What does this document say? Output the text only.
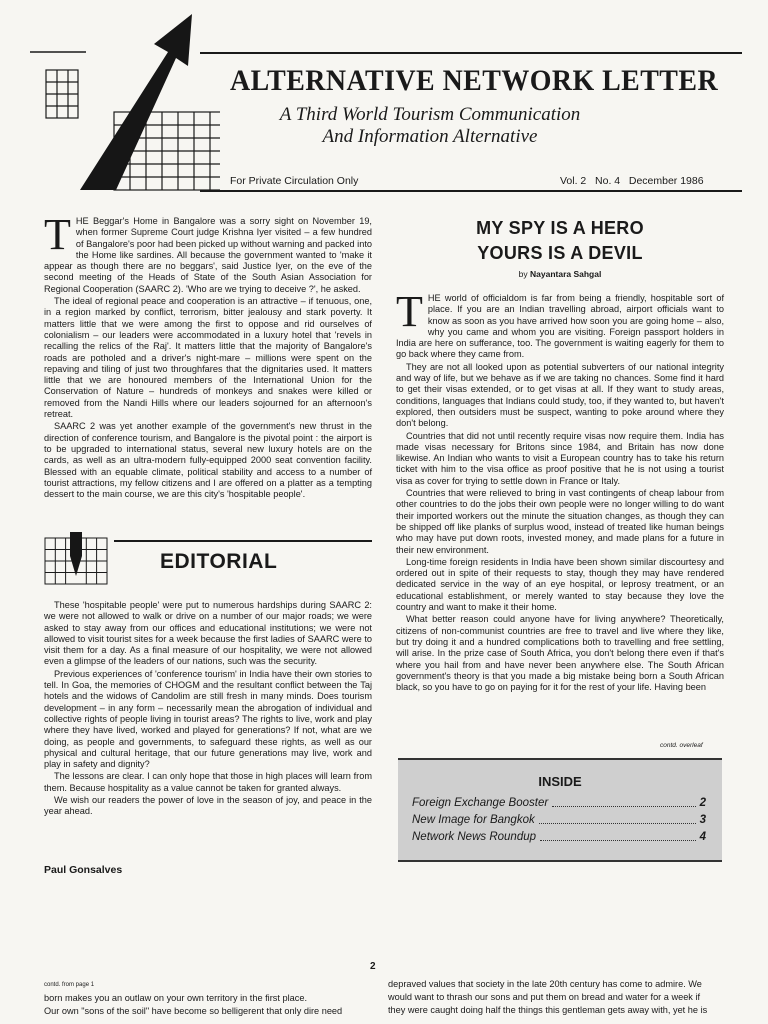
ALTERNATIVE NETWORK LETTER
A Third World Tourism Communication
And Information Alternative
For Private Circulation Only	Vol. 2   No. 4   December 1986
T HE Beggar's Home in Bangalore was a sorry sight on November 19, when former Supreme Court judge Krishna Iyer visited – a few hundred of Bangalore's poor had been picked up without warning and packed into the Home like sardines. All because the government wanted to 'make it appear as though there are no beggars', said Justice Iyer, on the eve of the second meeting of the Heads of State of the South Asian Association for Regional Cooperation (SAARC 2). 'Who are we trying to deceive ?', he asked.

The ideal of regional peace and cooperation is an attractive – if tenuous, one, in a region marked by conflict, terrorism, bitter jealousy and stark poverty. It matters little that we were among the first to oppose and rid ourselves of colonialism – our leaders were accommodated in a luxury hotel that 'revels in recalling the relics of the Raj'. It matters little that the majority of Bangalore's roads are potholed and a driver's night-mare – millions were spent on the repaving and tiling of just two throughfares that the dignitaries used. It matters little that we are honoured members of the International Union for the Conservation of Nature – hundreds of monkeys and snakes were killed or removed from the Nandi Hills where our leaders sojourned for an afternoon's retreat.

SAARC 2 was yet another example of the government's new thrust in the direction of conference tourism, and Bangalore is the pivotal point : the airport is to be upgraded to international status, several new luxury hotels are on the cards, as well as an ultra-modern fully-equipped 2000 seat convention facility. Blessed with an equable climate, political stability and access to a number of tourist attractions, my fellow citizens and I are offered on a platter as a tempting dessert to the main course, we are this city's 'hospitable people'.

EDITORIAL

These 'hospitable people' were put to numerous hardships during SAARC 2: we were not allowed to walk or drive on a number of our major roads; we were asked to stay away from our offices and educational institutions; we were not allowed to visit tourist sites for a week because the first ladies of SAARC were to visit them for a day. As a final measure of our hospitality, we were not allowed even a glimpse of the leaders of our nations, such was the security.

Previous experiences of 'conference tourism' in India have their own stories to tell. In Goa, the memories of CHOGM and the resultant conflict between the Taj hotels and the widows of Candolim are still fresh in many minds. Does tourism development – in any form – necessarily mean the abrogation of individual and collective rights of people living in tourist areas? The rights to live, work and play where they have lived, worked and played for generations? If not, what are we doing, as people and governments, to safeguard these rights, as well as our physical and cultural heritage, that our future generations may live, work and play in safety and dignity?

The lessons are clear. I can only hope that those in high places will learn from them. Because hospitality as a value cannot be taken for granted always.

We wish our readers the power of love in the season of joy, and peace in the year ahead.

Paul Gonsalves
MY SPY IS A HERO
YOURS IS A DEVIL
by Nayantara Sahgal
T HE world of officialdom is far from being a friendly, hospitable sort of place. If you are an Indian travelling abroad, airport officials want to know as soon as you have arrived how soon you are going home – also, why you came and whom you are visiting. Foreign passport holders in India are here on sufferance, too. The government is waiting eagerly for them to go back where they came from.

They are not all looked upon as potential subverters of our national integrity and way of life, but we behave as if we are taking no chances. Some find it hard to get their visas extended, or to get visas at all. If they want to study areas, conditions, languages that Indians could study, too, if they wanted to, but haven't explored, then outsiders must be suspect, wanting to poke around where they don't belong.

Countries that did not until recently require visas now require them. India has made visas necessary for Britons since 1984, and Britain has now done likewise. An Indian who wants to visit a European country has to take his return ticket with him to the visa office as proof positive that he is not using a tourist visa as cover for trying to settle down in France or Italy.

Countries that were relieved to bring in vast contingents of cheap labour from other countries to do the jobs their own people were no longer willing to do want their imported workers out the minute the situation changes, as though they can be shipped off like planks of surplus wood, instead of treated like human beings who may have put down roots, invested money, and made plans for a future in their new environment.

Long-time foreign residents in India have been shown similar discourtesy and ordered out in spite of their requests to stay, though they may have rendered dedicated service in the way of an eye hospital, or leprosy treatment, or an educational establishment, or merely wanted to stay because they love the country and want to make it their home.

What better reason could anyone have for living anywhere? Theoretically, citizens of non-communist countries are free to travel and live where they like, but try doing it and a hundred complications both to travelling and free settling, will arise. In the prize case of South Africa, you don't belong there even if that's where you hail from and have never been anywhere else. The South African government's theory is that you made a big mistake being born a South African black, so you have to go on paying for it for the rest of your life. Having been

contd. overleaf
INSIDE
Foreign Exchange Booster	2
New Image for Bangkok	3
Network News Roundup	4
2
contd. from page 1
born makes you an outlaw on your own territory in the first place.
Our own "sons of the soil" have become so belligerent that only dire need
depraved values that society in the late 20th century has come to admire. We
would want to thrash our sons and put them on bread and water for a week if
they were caught doing half the things this gentleman gets away with, yet he is
